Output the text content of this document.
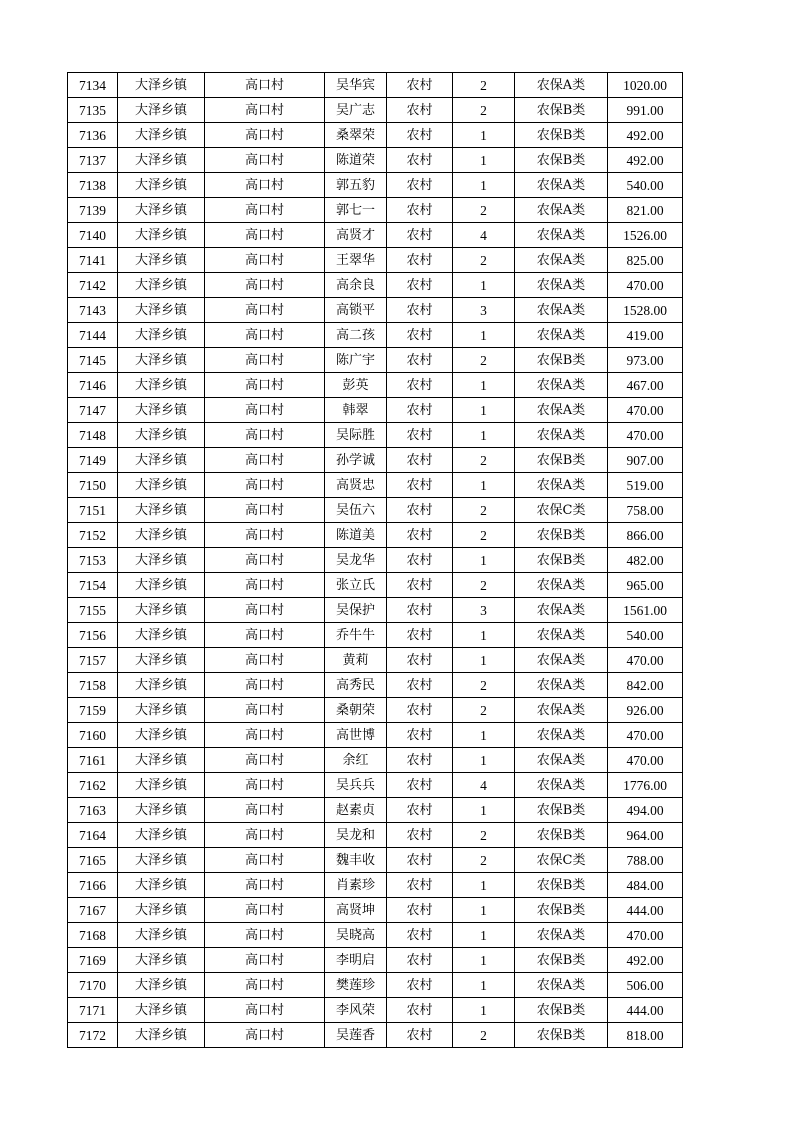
7134	大泽乡镇	高口村	吴华宾	农村	2	农保A类	1020.00
7135	大泽乡镇	高口村	吴广志	农村	2	农保B类	991.00
7136	大泽乡镇	高口村	桑翠荣	农村	1	农保B类	492.00
7137	大泽乡镇	高口村	陈道荣	农村	1	农保B类	492.00
7138	大泽乡镇	高口村	郭五豹	农村	1	农保A类	540.00
7139	大泽乡镇	高口村	郭七一	农村	2	农保A类	821.00
7140	大泽乡镇	高口村	高贤才	农村	4	农保A类	1526.00
7141	大泽乡镇	高口村	王翠华	农村	2	农保A类	825.00
7142	大泽乡镇	高口村	高余良	农村	1	农保A类	470.00
7143	大泽乡镇	高口村	高锁平	农村	3	农保A类	1528.00
7144	大泽乡镇	高口村	高二孩	农村	1	农保A类	419.00
7145	大泽乡镇	高口村	陈广宇	农村	2	农保B类	973.00
7146	大泽乡镇	高口村	彭英	农村	1	农保A类	467.00
7147	大泽乡镇	高口村	韩翠	农村	1	农保A类	470.00
7148	大泽乡镇	高口村	吴际胜	农村	1	农保A类	470.00
7149	大泽乡镇	高口村	孙学诚	农村	2	农保B类	907.00
7150	大泽乡镇	高口村	高贤忠	农村	1	农保A类	519.00
7151	大泽乡镇	高口村	吴伍六	农村	2	农保C类	758.00
7152	大泽乡镇	高口村	陈道美	农村	2	农保B类	866.00
7153	大泽乡镇	高口村	吴龙华	农村	1	农保B类	482.00
7154	大泽乡镇	高口村	张立氏	农村	2	农保A类	965.00
7155	大泽乡镇	高口村	吴保护	农村	3	农保A类	1561.00
7156	大泽乡镇	高口村	乔牛牛	农村	1	农保A类	540.00
7157	大泽乡镇	高口村	黄莉	农村	1	农保A类	470.00
7158	大泽乡镇	高口村	高秀民	农村	2	农保A类	842.00
7159	大泽乡镇	高口村	桑朝荣	农村	2	农保A类	926.00
7160	大泽乡镇	高口村	高世博	农村	1	农保A类	470.00
7161	大泽乡镇	高口村	余红	农村	1	农保A类	470.00
7162	大泽乡镇	高口村	吴兵兵	农村	4	农保A类	1776.00
7163	大泽乡镇	高口村	赵素贞	农村	1	农保B类	494.00
7164	大泽乡镇	高口村	吴龙和	农村	2	农保B类	964.00
7165	大泽乡镇	高口村	魏丰收	农村	2	农保C类	788.00
7166	大泽乡镇	高口村	肖素珍	农村	1	农保B类	484.00
7167	大泽乡镇	高口村	高贤坤	农村	1	农保B类	444.00
7168	大泽乡镇	高口村	吴晓高	农村	1	农保A类	470.00
7169	大泽乡镇	高口村	李明启	农村	1	农保B类	492.00
7170	大泽乡镇	高口村	樊莲珍	农村	1	农保A类	506.00
7171	大泽乡镇	高口村	李风荣	农村	1	农保B类	444.00
7172	大泽乡镇	高口村	吴莲香	农村	2	农保B类	818.00
